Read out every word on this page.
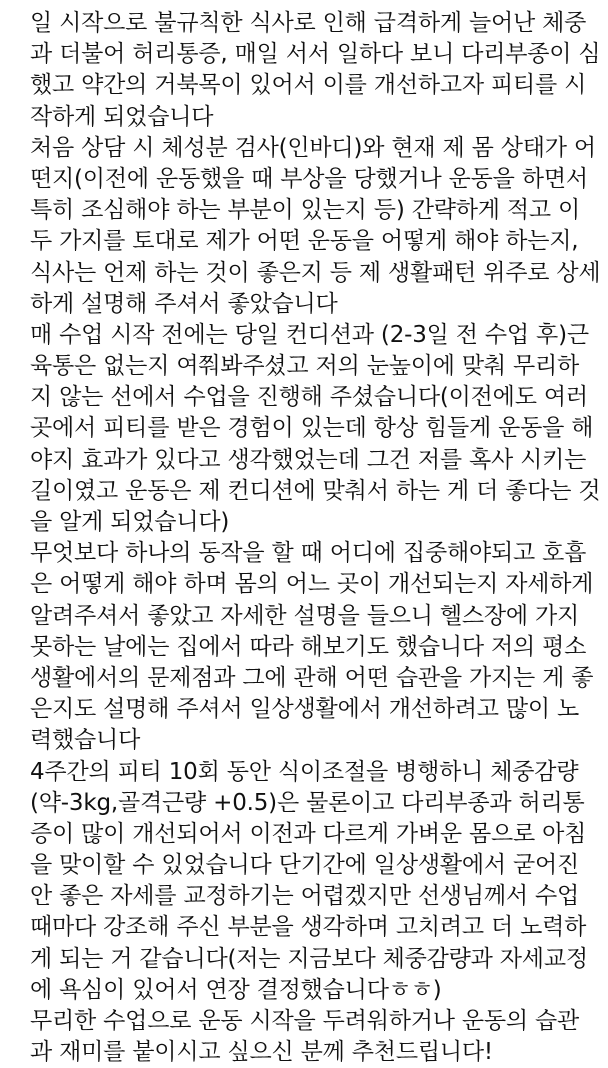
일 시작으로 불규칙한 식사로 인해 급격하게 늘어난 체중
과 더불어 허리통증, 매일 서서 일하다 보니 다리부종이 심
했고 약간의 거북목이 있어서 이를 개선하고자 피티를 시
작하게 되었습니다
처음 상담 시 체성분 검사(인바디)와 현재 제 몸 상태가 어
떤지(이전에 운동했을 때 부상을 당했거나 운동을 하면서
특히 조심해야 하는 부분이 있는지 등) 간략하게 적고 이
두 가지를 토대로 제가 어떤 운동을 어떻게 해야 하는지,
식사는 언제 하는 것이 좋은지 등 제 생활패턴 위주로 상세
하게 설명해 주셔서 좋았습니다
매 수업 시작 전에는 당일 컨디션과 (2-3일 전 수업 후)근
육통은 없는지 여쭤봐주셨고 저의 눈높이에 맞춰 무리하
지 않는 선에서 수업을 진행해 주셨습니다(이전에도 여러
곳에서 피티를 받은 경험이 있는데 항상 힘들게 운동을 해
야지 효과가 있다고 생각했었는데 그건 저를 혹사 시키는
길이였고 운동은 제 컨디션에 맞춰서 하는 게 더 좋다는 것
을 알게 되었습니다)
무엇보다 하나의 동작을 할 때 어디에 집중해야되고 호흡
은 어떻게 해야 하며 몸의 어느 곳이 개선되는지 자세하게
알려주셔서 좋았고 자세한 설명을 들으니 헬스장에 가지
못하는 날에는 집에서 따라 해보기도 했습니다 저의 평소
생활에서의 문제점과 그에 관해 어떤 습관을 가지는 게 좋
은지도 설명해 주셔서 일상생활에서 개선하려고 많이 노
력했습니다
4주간의 피티 10회 동안 식이조절을 병행하니 체중감량
(약-3kg,골격근량 +0.5)은 물론이고 다리부종과 허리통
증이 많이 개선되어서 이전과 다르게 가벼운 몸으로 아침
을 맞이할 수 있었습니다 단기간에 일상생활에서 굳어진
안 좋은 자세를 교정하기는 어렵겠지만 선생님께서 수업
때마다 강조해 주신 부분을 생각하며 고치려고 더 노력하
게 되는 거 같습니다(저는 지금보다 체중감량과 자세교정
에 욕심이 있어서 연장 결정했습니다ㅎㅎ)
무리한 수업으로 운동 시작을 두려워하거나 운동의 습관
과 재미를 붙이시고 싶으신 분께 추천드립니다!
